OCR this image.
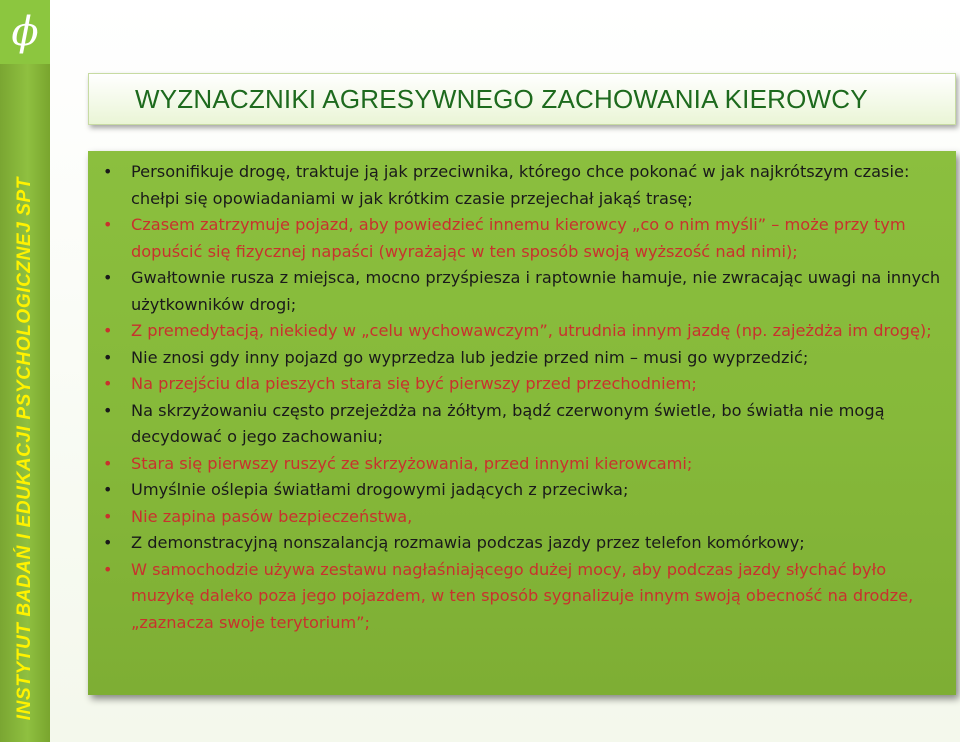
ϕ
INSTYTUT BADAŃ I EDUKACJI PSYCHOLOGICZNEJ SPT
WYZNACZNIKI AGRESYWNEGO ZACHOWANIA KIEROWCY
• Personifikuje drogę, traktuje ją jak przeciwnika, którego chce pokonać w jak najkrótszym czasie: chełpi się opowiadaniami w jak krótkim czasie przejechał jakąś trasę;
• Czasem zatrzymuje pojazd, aby powiedzieć innemu kierowcy „co o nim myśli” – może przy tym dopuścić się fizycznej napaści (wyrażając w ten sposób swoją wyższość nad nimi);
• Gwałtownie rusza z miejsca, mocno przyśpiesza i raptownie hamuje, nie zwracając uwagi na innych użytkowników drogi;
• Z premedytacją, niekiedy w „celu wychowawczym”, utrudnia innym jazdę (np. zajeżdża im drogę);
• Nie znosi gdy inny pojazd go wyprzedza lub jedzie przed nim – musi go wyprzedzić;
• Na przejściu dla pieszych stara się być pierwszy przed przechodniem;
• Na skrzyżowaniu często przejeżdża na żółtym, bądź czerwonym świetle, bo światła nie mogą decydować o jego zachowaniu;
• Stara się pierwszy ruszyć ze skrzyżowania, przed innymi kierowcami;
• Umyślnie oślepia światłami drogowymi jadących z przeciwka;
• Nie zapina pasów bezpieczeństwa,
• Z demonstracyjną nonszalancją rozmawia podczas jazdy przez telefon komórkowy;
• W samochodzie używa zestawu nagłaśniającego dużej mocy, aby podczas jazdy słychać było muzykę daleko poza jego pojazdem, w ten sposób sygnalizuje innym swoją obecność na drodze, „zaznacza swoje terytorium”;
